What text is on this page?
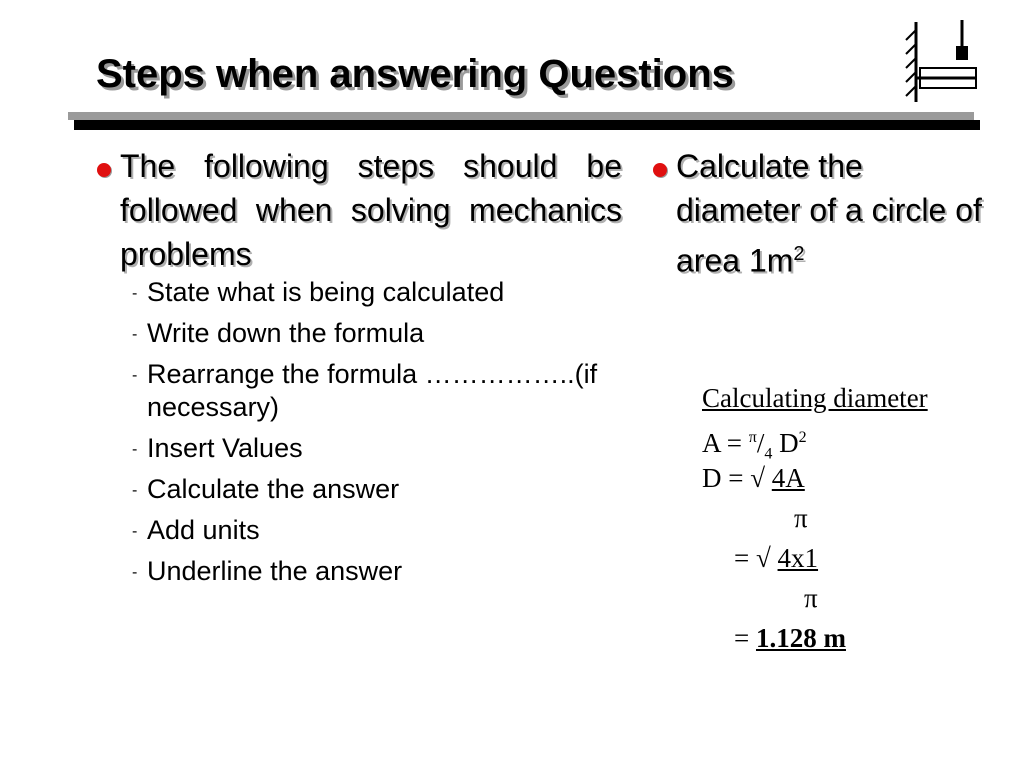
Steps when answering Questions
The following steps should be followed when solving mechanics problems
- State what is being calculated
- Write down the formula
- Rearrange the formula ……………..(if necessary)
- Insert Values
- Calculate the answer
- Add units
- Underline the answer
Calculate the diameter of a circle of area $1m^2$
Calculating diameter
$A = ^\pi/_4$ $D^2$
D = √ 4A
π
= √ 4x1
π
= 1.128 m
